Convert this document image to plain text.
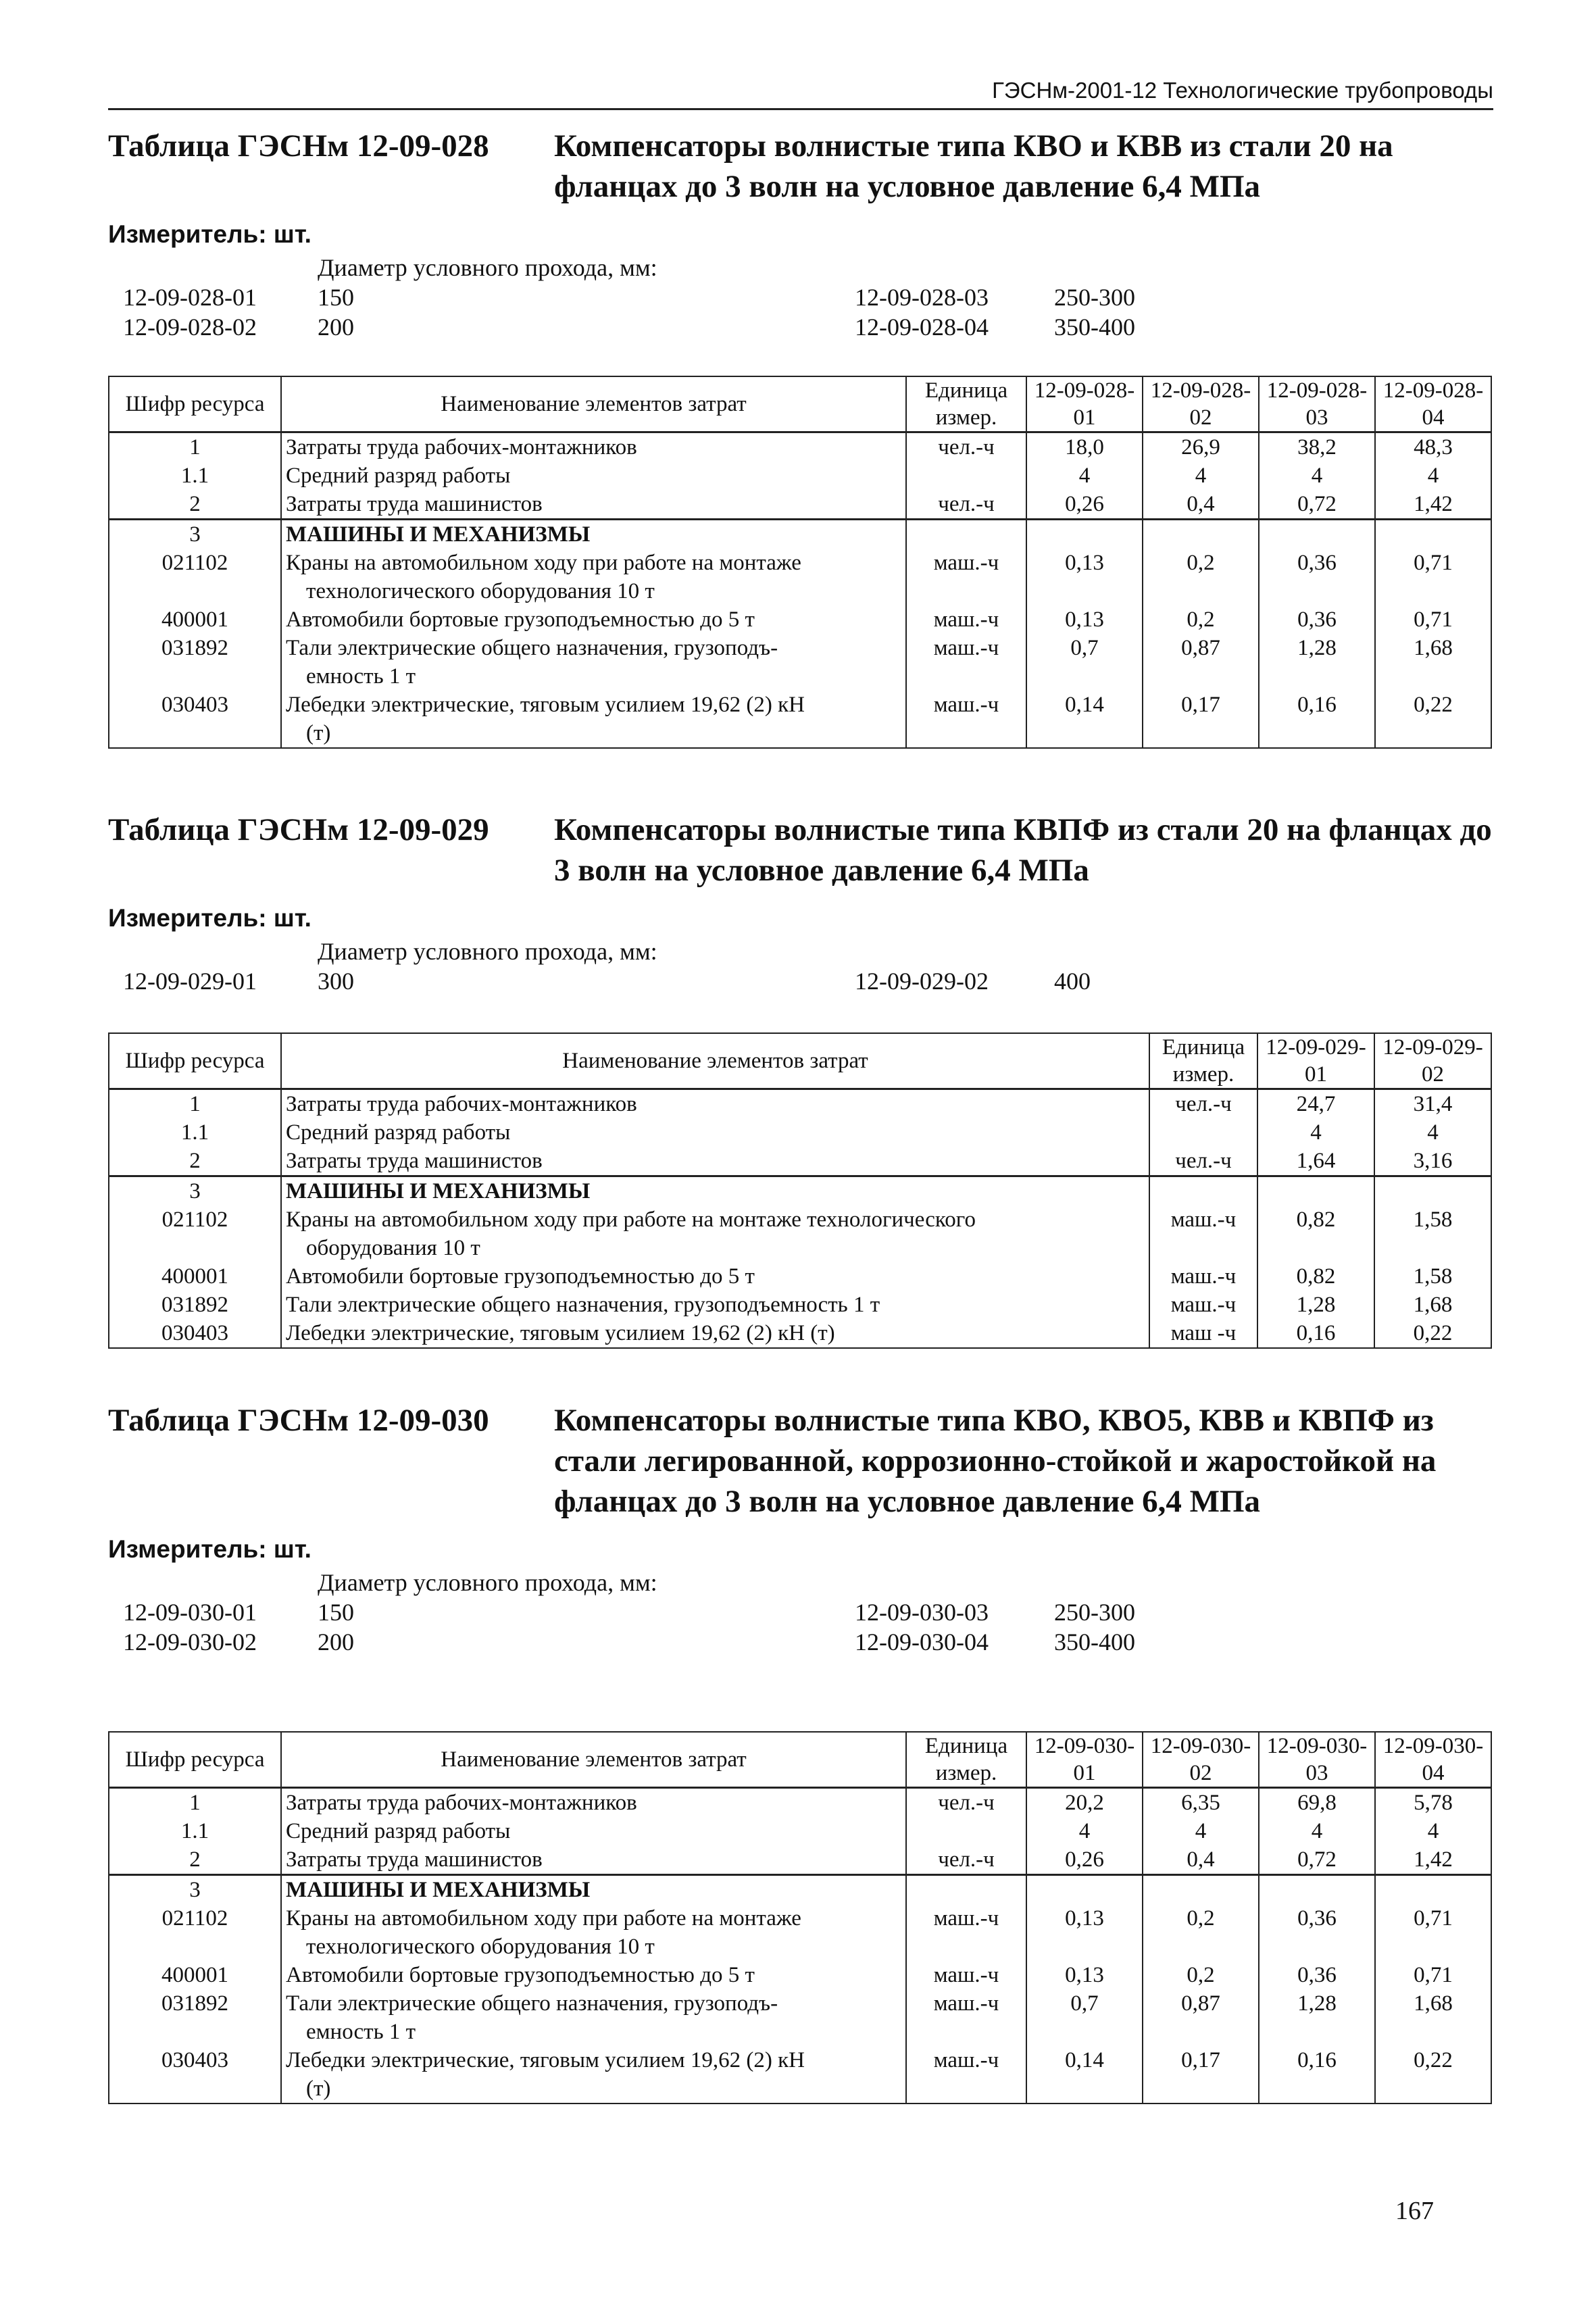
ГЭСНм-2001-12 Технологические трубопроводы
Таблица ГЭСНм 12-09-028	Компенсаторы волнистые типа КВО и КВВ из стали 20 на фланцах до 3 волн на условное давление 6,4 МПа
Измеритель: шт.
Диаметр условного прохода, мм:
12-09-028-01	150	12-09-028-03	250-300
12-09-028-02	200	12-09-028-04	350-400
Шифр ресурса	Наименование элементов затрат	Единица измер.	12-09-028-01	12-09-028-02	12-09-028-03	12-09-028-04
1	Затраты труда рабочих-монтажников	чел.-ч	18,0	26,9	38,2	48,3
1.1	Средний разряд работы		4	4	4	4
2	Затраты труда машинистов	чел.-ч	0,26	0,4	0,72	1,42
3	МАШИНЫ И МЕХАНИЗМЫ					
021102	Краны на автомобильном ходу при работе на монтаже
технологического оборудования 10 т	маш.-ч	0,13	0,2	0,36	0,71
400001	Автомобили бортовые грузоподъемностью до 5 т	маш.-ч	0,13	0,2	0,36	0,71
031892	Тали электрические общего назначения, грузоподъ-
емность 1 т	маш.-ч	0,7	0,87	1,28	1,68
030403	Лебедки электрические, тяговым усилием 19,62 (2) кН
(т)	маш.-ч	0,14	0,17	0,16	0,22
Таблица ГЭСНм 12-09-029	Компенсаторы волнистые типа КВПФ из стали 20 на фланцах до 3 волн на условное давление 6,4 МПа
Измеритель: шт.
Диаметр условного прохода, мм:
12-09-029-01	300	12-09-029-02	400
Шифр ресурса	Наименование элементов затрат	Единица измер.	12-09-029-01	12-09-029-02
1	Затраты труда рабочих-монтажников	чел.-ч	24,7	31,4
1.1	Средний разряд работы		4	4
2	Затраты труда машинистов	чел.-ч	1,64	3,16
3	МАШИНЫ И МЕХАНИЗМЫ			
021102	Краны на автомобильном ходу при работе на монтаже технологического
оборудования 10 т	маш.-ч	0,82	1,58
400001	Автомобили бортовые грузоподъемностью до 5 т	маш.-ч	0,82	1,58
031892	Тали электрические общего назначения, грузоподъемность 1 т	маш.-ч	1,28	1,68
030403	Лебедки электрические, тяговым усилием 19,62 (2) кН (т)	маш -ч	0,16	0,22
Таблица ГЭСНм 12-09-030	Компенсаторы волнистые типа КВО, КВО5, КВВ и КВПФ из стали легированной, коррозионно-стойкой и жаростойкой на фланцах до 3 волн на условное давление 6,4 МПа
Измеритель: шт.
Диаметр условного прохода, мм:
12-09-030-01	150	12-09-030-03	250-300
12-09-030-02	200	12-09-030-04	350-400
Шифр ресурса	Наименование элементов затрат	Единица измер.	12-09-030-01	12-09-030-02	12-09-030-03	12-09-030-04
1	Затраты труда рабочих-монтажников	чел.-ч	20,2	6,35	69,8	5,78
1.1	Средний разряд работы		4	4	4	4
2	Затраты труда машинистов	чел.-ч	0,26	0,4	0,72	1,42
3	МАШИНЫ И МЕХАНИЗМЫ					
021102	Краны на автомобильном ходу при работе на монтаже
технологического оборудования 10 т	маш.-ч	0,13	0,2	0,36	0,71
400001	Автомобили бортовые грузоподъемностью до 5 т	маш.-ч	0,13	0,2	0,36	0,71
031892	Тали электрические общего назначения, грузоподъ-
емность 1 т	маш.-ч	0,7	0,87	1,28	1,68
030403	Лебедки электрические, тяговым усилием 19,62 (2) кН
(т)	маш.-ч	0,14	0,17	0,16	0,22
167
